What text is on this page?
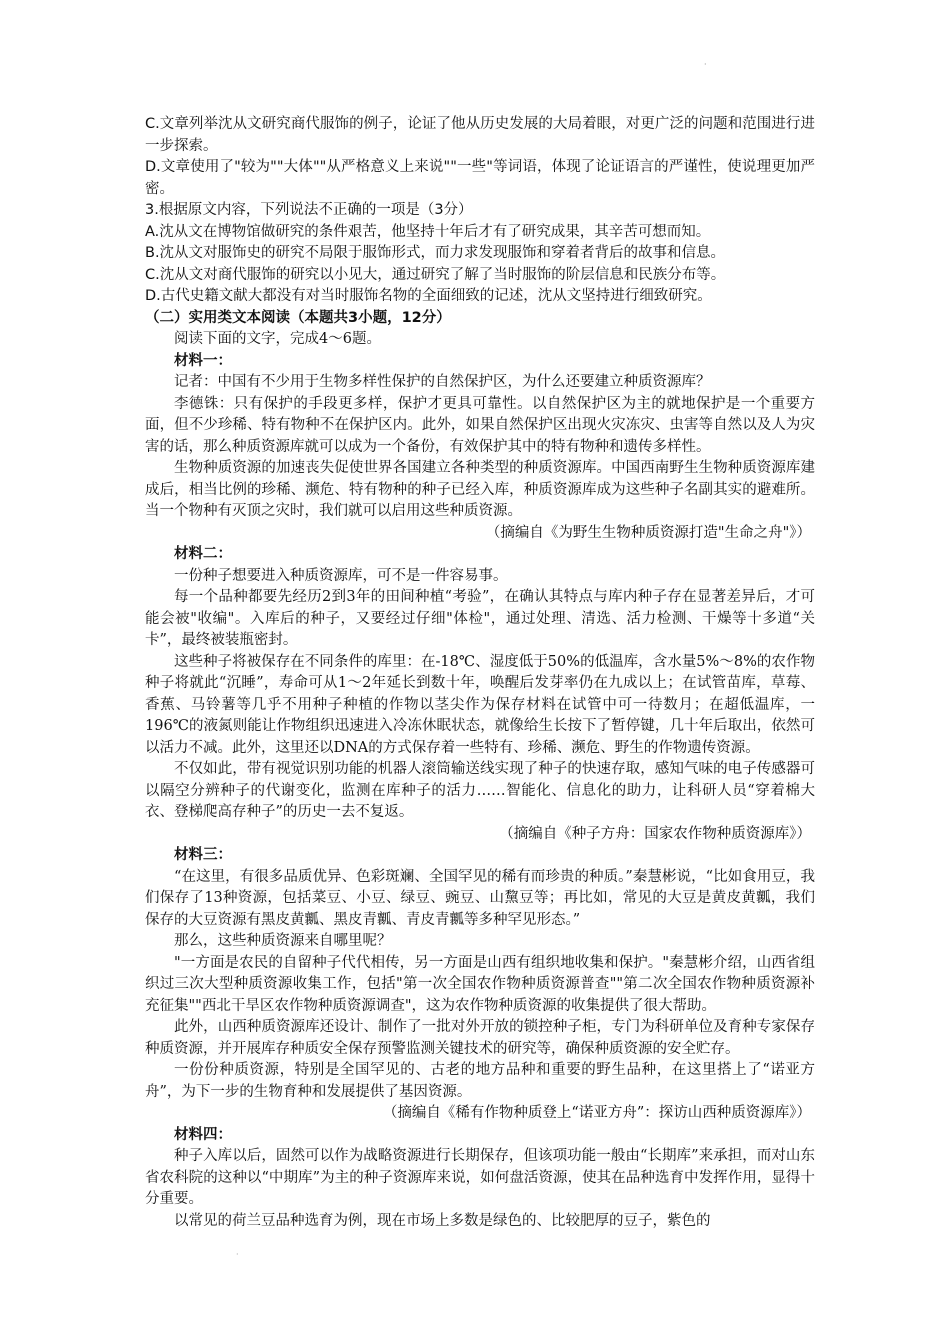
·

C.文章列举沈从文研究商代服饰的例子，论证了他从历史发展的大局着眼，对更广泛的问题和范围进行进一步探索。

D.文章使用了"较为""大体""从严格意义上来说""一些"等词语，体现了论证语言的严谨性，使说理更加严密。

3.根据原文内容，下列说法不正确的一项是（3分）

A.沈从文在博物馆做研究的条件艰苦，他坚持十年后才有了研究成果，其辛苦可想而知。

B.沈从文对服饰史的研究不局限于服饰形式，而力求发现服饰和穿着者背后的故事和信息。

C.沈从文对商代服饰的研究以小见大，通过研究了解了当时服饰的阶层信息和民族分布等。

D.古代史籍文献大都没有对当时服饰名物的全面细致的记述，沈从文坚持进行细致研究。

（二）实用类文本阅读（本题共3小题，12分）

阅读下面的文字，完成4～6题。

材料一：

记者：中国有不少用于生物多样性保护的自然保护区，为什么还要建立种质资源库？

李德铢：只有保护的手段更多样，保护才更具可靠性。以自然保护区为主的就地保护是一个重要方面，但不少珍稀、特有物种不在保护区内。此外，如果自然保护区出现火灾冻灾、虫害等自然以及人为灾害的话，那么种质资源库就可以成为一个备份，有效保护其中的特有物种和遗传多样性。

生物种质资源的加速丧失促使世界各国建立各种类型的种质资源库。中国西南野生生物种质资源库建成后，相当比例的珍稀、濒危、特有物种的种子已经入库，种质资源库成为这些种子名副其实的避难所。当一个物种有灭顶之灾时，我们就可以启用这些种质资源。

（摘编自《为野生生物种质资源打造"生命之舟"》）

材料二：

一份种子想要进入种质资源库，可不是一件容易事。

每一个品种都要先经历2到3年的田间种植“考验”，在确认其特点与库内种子存在显著差异后，才可能会被"收编"。入库后的种子，又要经过仔细"体检"，通过处理、清选、活力检测、干燥等十多道“关卡”，最终被装瓶密封。

这些种子将被保存在不同条件的库里：在-18℃、湿度低于50%的低温库，含水量5%～8%的农作物种子将就此“沉睡”，寿命可从1～2年延长到数十年，唤醒后发芽率仍在九成以上；在试管苗库，草莓、香蕉、马铃薯等几乎不用种子种植的作物以茎尖作为保存材料在试管中可一待数月；在超低温库，一196℃的液氮则能让作物组织迅速进入冷冻休眠状态，就像给生长按下了暂停键，几十年后取出，依然可以活力不减。此外，这里还以DNA的方式保存着一些特有、珍稀、濒危、野生的作物遗传资源。

不仅如此，带有视觉识别功能的机器人滚筒输送线实现了种子的快速存取，感知气味的电子传感器可以隔空分辨种子的代谢变化，监测在库种子的活力……智能化、信息化的助力，让科研人员“穿着棉大衣、登梯爬高存种子”的历史一去不复返。

（摘编自《种子方舟：国家农作物种质资源库》）

材料三：

“在这里，有很多品质优异、色彩斑斓、全国罕见的稀有而珍贵的种质。”秦慧彬说，“比如食用豆，我们保存了13种资源，包括菜豆、小豆、绿豆、豌豆、山黧豆等；再比如，常见的大豆是黄皮黄瓤，我们保存的大豆资源有黑皮黄瓤、黑皮青瓤、青皮青瓤等多种罕见形态。”

那么，这些种质资源来自哪里呢？

"一方面是农民的自留种子代代相传，另一方面是山西有组织地收集和保护。"秦慧彬介绍，山西省组织过三次大型种质资源收集工作，包括"第一次全国农作物种质资源普查""第二次全国农作物种质资源补充征集""西北干旱区农作物种质资源调查"，这为农作物种质资源的收集提供了很大帮助。

此外，山西种质资源库还设计、制作了一批对外开放的锁控种子柜，专门为科研单位及育种专家保存种质资源，并开展库存种质安全保存预警监测关键技术的研究等，确保种质资源的安全贮存。

一份份种质资源，特别是全国罕见的、古老的地方品种和重要的野生品种，在这里搭上了“诺亚方舟”，为下一步的生物育种和发展提供了基因资源。

（摘编自《稀有作物种质登上“诺亚方舟”：探访山西种质资源库》）

材料四：

种子入库以后，固然可以作为战略资源进行长期保存，但该项功能一般由“长期库”来承担，而对山东省农科院的这种以“中期库”为主的种子资源库来说，如何盘活资源，使其在品种选育中发挥作用，显得十分重要。

以常见的荷兰豆品种选育为例，现在市场上多数是绿色的、比较肥厚的豆子，紫色的

·
